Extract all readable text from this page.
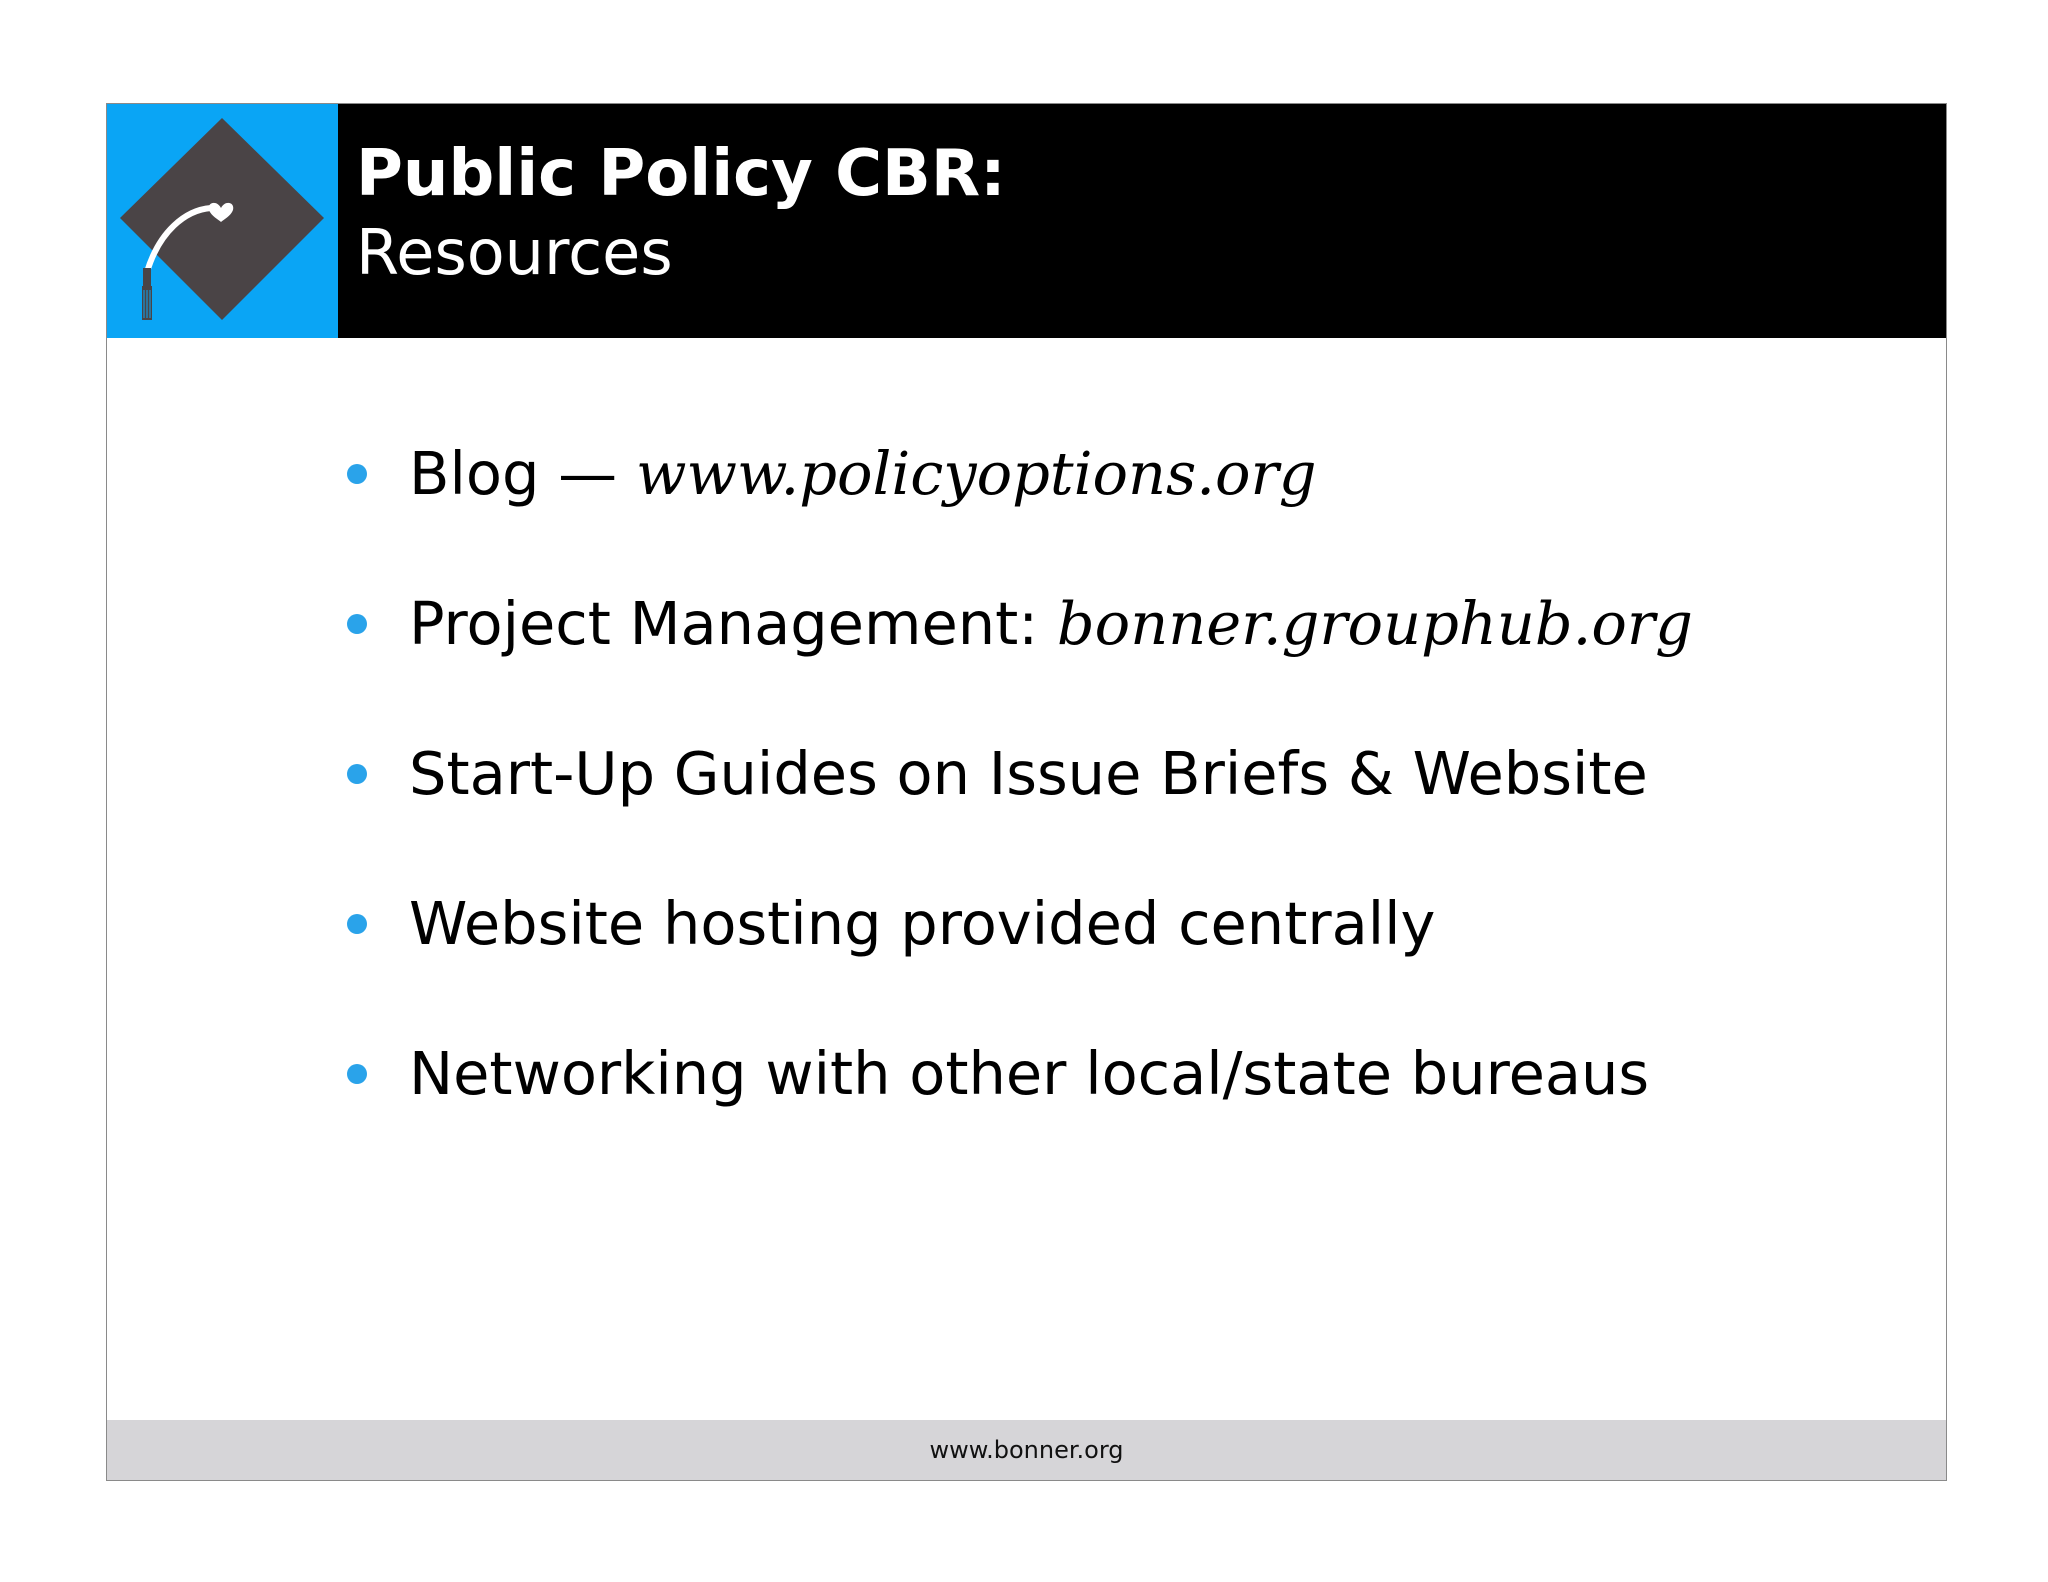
Public Policy CBR:
Resources
Blog — www.policyoptions.org
Project Management: bonner.grouphub.org
Start-Up Guides on Issue Briefs & Website
Website hosting provided centrally
Networking with other local/state bureaus
www.bonner.org
